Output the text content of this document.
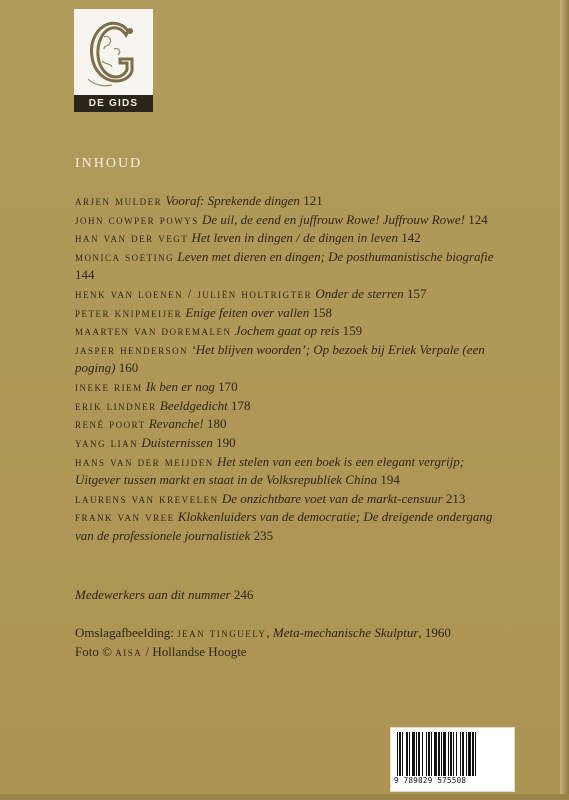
DE GIDS
INHOUD
arjen mulder Vooraf: Sprekende dingen 121
john cowper powys De uil, de eend en juffrouw Rowe! Juffrouw Rowe! 124
han van der vegt Het leven in dingen / de dingen in leven 142
monica soeting Leven met dieren en dingen; De posthumanistische biografie 144
henk van loenen / juliën holtrigter Onder de sterren 157
peter knipmeijer Enige feiten over vallen 158
maarten van doremalen Jochem gaat op reis 159
jasper henderson ‘Het blijven woorden’; Op bezoek bij Eriek Verpale (een poging) 160
ineke riem Ik ben er nog 170
erik lindner Beeldgedicht 178
rené poort Revanche! 180
yang lian Duisternissen 190
hans van der meijden Het stelen van een boek is een elegant vergrijp; Uitgever tussen markt en staat in de Volksrepubliek China 194
laurens van krevelen De onzichtbare voet van de markt-censuur 213
frank van vree Klokkenluiders van de democratie; De dreigende ondergang van de professionele journalistiek 235
Medewerkers aan dit nummer 246
Omslagafbeelding: jean tinguely, Meta-mechanische Skulptur, 1960
Foto © aisa / Hollandse Hoogte
9 789029 575508
